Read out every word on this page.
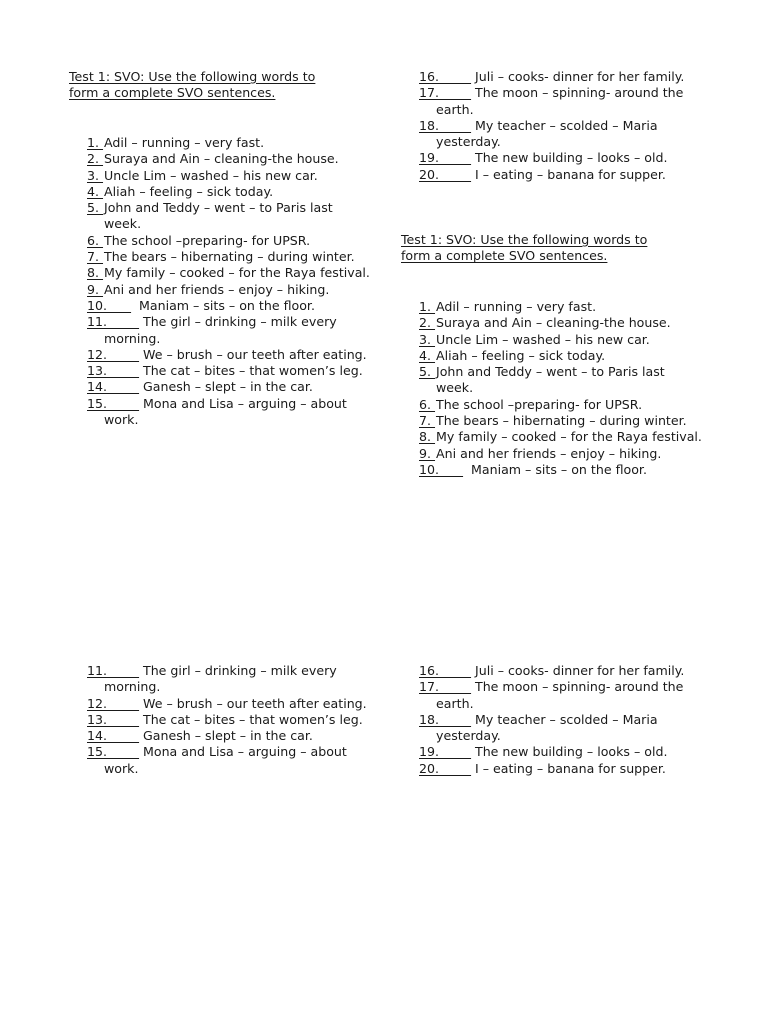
Test 1: SVO: Use the following words to
form a complete SVO sentences.
1. Adil – running – very fast.
2. Suraya and Ain – cleaning-the house.
3. Uncle Lim – washed – his new car.
4. Aliah – feeling – sick today.
5. John and Teddy – went – to Paris last week.
6. The school –preparing- for UPSR.
7. The bears – hibernating – during winter.
8. My family – cooked – for the Raya festival.
9. Ani and her friends – enjoy – hiking.
10. Maniam – sits – on the floor.
11. The girl – drinking – milk every morning.
12. We – brush – our teeth after eating.
13. The cat – bites – that women’s leg.
14. Ganesh – slept – in the car.
15. Mona and Lisa – arguing – about work.
16. Juli – cooks- dinner for her family.
17. The moon – spinning- around the earth.
18. My teacher – scolded – Maria yesterday.
19. The new building – looks – old.
20. I – eating – banana for supper.
Test 1: SVO: Use the following words to
form a complete SVO sentences.
1. Adil – running – very fast.
2. Suraya and Ain – cleaning-the house.
3. Uncle Lim – washed – his new car.
4. Aliah – feeling – sick today.
5. John and Teddy – went – to Paris last week.
6. The school –preparing- for UPSR.
7. The bears – hibernating – during winter.
8. My family – cooked – for the Raya festival.
9. Ani and her friends – enjoy – hiking.
10. Maniam – sits – on the floor.
11. The girl – drinking – milk every morning.
12. We – brush – our teeth after eating.
13. The cat – bites – that women’s leg.
14. Ganesh – slept – in the car.
15. Mona and Lisa – arguing – about work.
16. Juli – cooks- dinner for her family.
17. The moon – spinning- around the earth.
18. My teacher – scolded – Maria yesterday.
19. The new building – looks – old.
20. I – eating – banana for supper.
